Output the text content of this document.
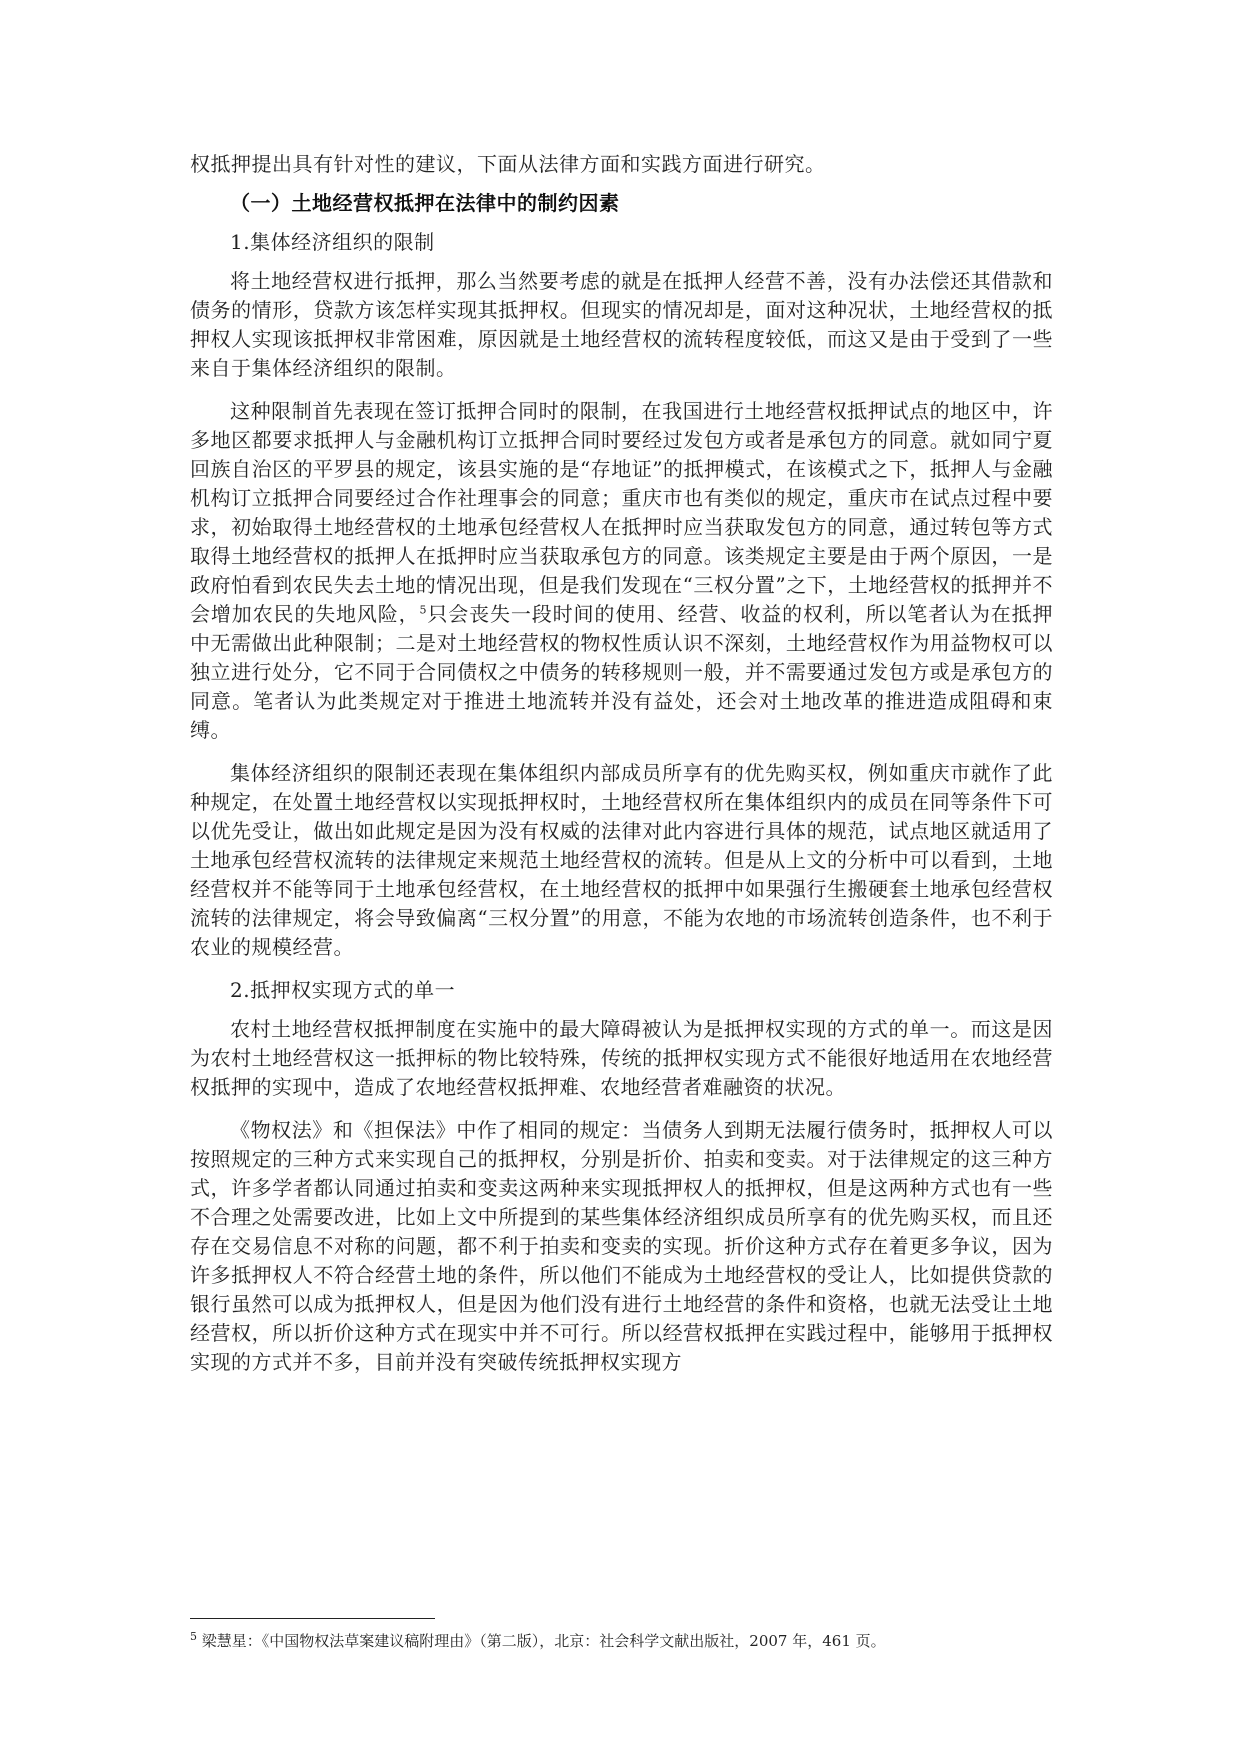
权抵押提出具有针对性的建议，下面从法律方面和实践方面进行研究。

（一）土地经营权抵押在法律中的制约因素

1.集体经济组织的限制

将土地经营权进行抵押，那么当然要考虑的就是在抵押人经营不善，没有办法偿还其借款和债务的情形，贷款方该怎样实现其抵押权。但现实的情况却是，面对这种况状，土地经营权的抵押权人实现该抵押权非常困难，原因就是土地经营权的流转程度较低，而这又是由于受到了一些来自于集体经济组织的限制。

这种限制首先表现在签订抵押合同时的限制，在我国进行土地经营权抵押试点的地区中，许多地区都要求抵押人与金融机构订立抵押合同时要经过发包方或者是承包方的同意。就如同宁夏回族自治区的平罗县的规定，该县实施的是“存地证”的抵押模式，在该模式之下，抵押人与金融机构订立抵押合同要经过合作社理事会的同意；重庆市也有类似的规定，重庆市在试点过程中要求，初始取得土地经营权的土地承包经营权人在抵押时应当获取发包方的同意，通过转包等方式取得土地经营权的抵押人在抵押时应当获取承包方的同意。该类规定主要是由于两个原因，一是政府怕看到农民失去土地的情况出现，但是我们发现在“三权分置”之下，土地经营权的抵押并不会增加农民的失地风险，$^5$只会丧失一段时间的使用、经营、收益的权利，所以笔者认为在抵押中无需做出此种限制；二是对土地经营权的物权性质认识不深刻，土地经营权作为用益物权可以独立进行处分，它不同于合同债权之中债务的转移规则一般，并不需要通过发包方或是承包方的同意。笔者认为此类规定对于推进土地流转并没有益处，还会对土地改革的推进造成阻碍和束缚。

集体经济组织的限制还表现在集体组织内部成员所享有的优先购买权，例如重庆市就作了此种规定，在处置土地经营权以实现抵押权时，土地经营权所在集体组织内的成员在同等条件下可以优先受让，做出如此规定是因为没有权威的法律对此内容进行具体的规范，试点地区就适用了土地承包经营权流转的法律规定来规范土地经营权的流转。但是从上文的分析中可以看到，土地经营权并不能等同于土地承包经营权，在土地经营权的抵押中如果强行生搬硬套土地承包经营权流转的法律规定，将会导致偏离“三权分置”的用意，不能为农地的市场流转创造条件，也不利于农业的规模经营。

2.抵押权实现方式的单一

农村土地经营权抵押制度在实施中的最大障碍被认为是抵押权实现的方式的单一。而这是因为农村土地经营权这一抵押标的物比较特殊，传统的抵押权实现方式不能很好地适用在农地经营权抵押的实现中，造成了农地经营权抵押难、农地经营者难融资的状况。

《物权法》和《担保法》中作了相同的规定：当债务人到期无法履行债务时，抵押权人可以按照规定的三种方式来实现自己的抵押权，分别是折价、拍卖和变卖。对于法律规定的这三种方式，许多学者都认同通过拍卖和变卖这两种来实现抵押权人的抵押权，但是这两种方式也有一些不合理之处需要改进，比如上文中所提到的某些集体经济组织成员所享有的优先购买权，而且还存在交易信息不对称的问题，都不利于拍卖和变卖的实现。折价这种方式存在着更多争议，因为许多抵押权人不符合经营土地的条件，所以他们不能成为土地经营权的受让人，比如提供贷款的银行虽然可以成为抵押权人，但是因为他们没有进行土地经营的条件和资格，也就无法受让土地经营权，所以折价这种方式在现实中并不可行。所以经营权抵押在实践过程中，能够用于抵押权实现的方式并不多，目前并没有突破传统抵押权实现方

$^5$ 梁慧星：《中国物权法草案建议稿附理由》（第二版），北京：社会科学文献出版社，2007 年，461 页。
